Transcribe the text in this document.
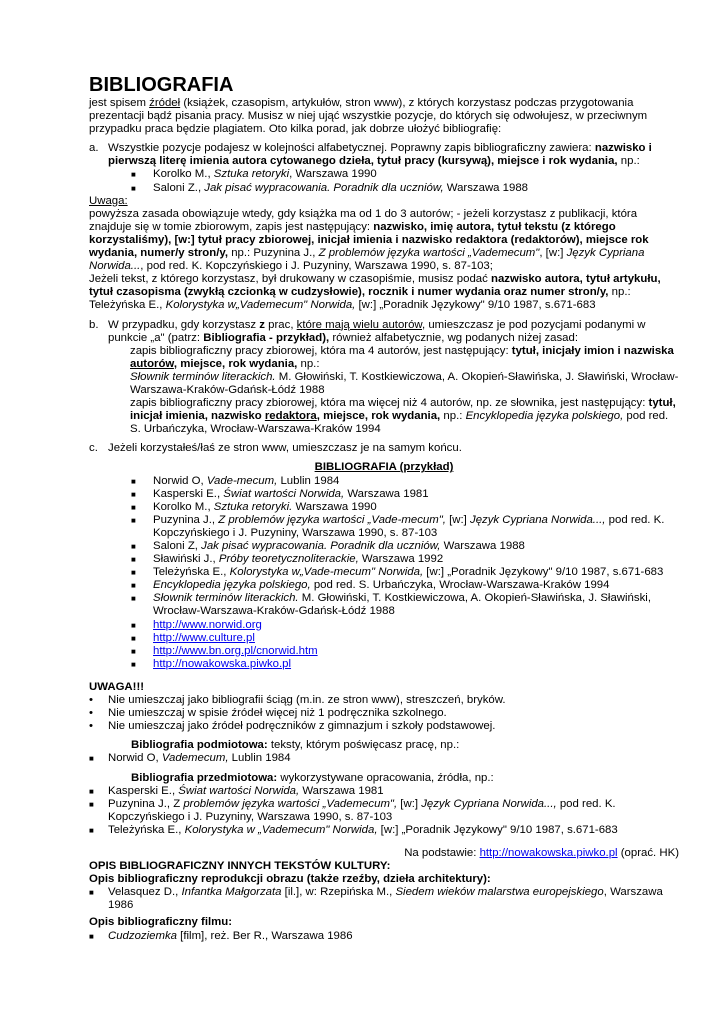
BIBLIOGRAFIA

jest spisem źródeł (książek, czasopism, artykułów, stron www), z których korzystasz podczas przygotowania prezentacji bądź pisania pracy. Musisz w niej ująć wszystkie pozycje, do których się odwołujesz, w przeciwnym przypadku praca będzie plagiatem. Oto kilka porad, jak dobrze ułożyć bibliografię:

a. Wszystkie pozycje podajesz w kolejności alfabetycznej. Poprawny zapis bibliograficzny zawiera: nazwisko i pierwszą literę imienia autora cytowanego dzieła, tytuł pracy (kursywą), miejsce i rok wydania, np.:

■ Korolko M., Sztuka retoryki, Warszawa 1990
■ Saloni Z., Jak pisać wypracowania. Poradnik dla uczniów, Warszawa 1988

Uwaga:

powyższa zasada obowiązuje wtedy, gdy książka ma od 1 do 3 autorów; - jeżeli korzystasz z publikacji, która znajduje się w tomie zbiorowym, zapis jest następujący: nazwisko, imię autora, tytuł tekstu (z którego korzystaliśmy), [w:] tytuł pracy zbiorowej, inicjał imienia i nazwisko redaktora (redaktorów), miejsce rok wydania, numer/y stron/y, np.: Puzynina J., Z problemów języka wartości „Vademecum", [w:] Język Cypriana Norwida..., pod red. K. Kopczyńskiego i J. Puzyniny, Warszawa 1990, s. 87-103;

Jeżeli tekst, z którego korzystasz, był drukowany w czasopiśmie, musisz podać nazwisko autora, tytuł artykułu, tytuł czasopisma (zwykłą czcionką w cudzysłowie), rocznik i numer wydania oraz numer stron/y, np.:

Teleżyńska E., Kolorystyka w„Vademecum" Norwida, [w:] „Poradnik Językowy" 9/10 1987, s.671-683

b. W przypadku, gdy korzystasz z prac, które mają wielu autorów, umieszczasz je pod pozycjami podanymi w punkcie „a" (patrz: Bibliografia - przykład), również alfabetycznie, wg podanych niżej zasad:

zapis bibliograficzny pracy zbiorowej, która ma 4 autorów, jest następujący: tytuł, inicjały imion i nazwiska autorów, miejsce, rok wydania, np.:

Słownik terminów literackich. M. Głowiński, T. Kostkiewiczowa, A. Okopień-Sławińska, J. Sławiński, Wrocław-Warszawa-Kraków-Gdańsk-Łódź 1988

zapis bibliograficzny pracy zbiorowej, która ma więcej niż 4 autorów, np. ze słownika, jest następujący: tytuł, inicjał imienia, nazwisko redaktora, miejsce, rok wydania, np.: Encyklopedia języka polskiego, pod red. S. Urbańczyka, Wrocław-Warszawa-Kraków 1994

c. Jeżeli korzystałeś/łaś ze stron www, umieszczasz je na samym końcu.

BIBLIOGRAFIA (przykład)

■ Norwid O, Vade-mecum, Lublin 1984
■ Kasperski E., Świat wartości Norwida, Warszawa 1981
■ Korolko M., Sztuka retoryki. Warszawa 1990
■ Puzynina J., Z problemów języka wartości „Vade-mecum", [w:] Język Cypriana Norwida..., pod red. K. Kopczyńskiego i J. Puzyniny, Warszawa 1990, s. 87-103
■ Saloni Z, Jak pisać wypracowania. Poradnik dla uczniów, Warszawa 1988
■ Sławiński J., Próby teoretycznoliterackie, Warszawa 1992
■ Teleżyńska E., Kolorystyka w„Vade-mecum" Norwida, [w:] „Poradnik Językowy" 9/10 1987, s.671-683
■ Encyklopedia języka polskiego, pod red. S. Urbańczyka, Wrocław-Warszawa-Kraków 1994
■ Słownik terminów literackich. M. Głowiński, T. Kostkiewiczowa, A. Okopień-Sławińska, J. Sławiński, Wrocław-Warszawa-Kraków-Gdańsk-Łódź 1988
■ http://www.norwid.org
■ http://www.culture.pl
■ http://www.bn.org.pl/cnorwid.htm
■ http://nowakowska.piwko.pl

UWAGA!!!

• Nie umieszczaj jako bibliografii ściąg (m.in. ze stron www), streszczeń, bryków.
• Nie umieszczaj w spisie źródeł więcej niż 1 podręcznika szkolnego.
• Nie umieszczaj jako źródeł podręczników z gimnazjum i szkoły podstawowej.

Bibliografia podmiotowa: teksty, którym poświęcasz pracę, np.:

■ Norwid O, Vademecum, Lublin 1984

Bibliografia przedmiotowa: wykorzystywane opracowania, źródła, np.:

■ Kasperski E., Świat wartości Norwida, Warszawa 1981
■ Puzynina J., Z problemów języka wartości „Vademecum", [w:] Język Cypriana Norwida..., pod red. K. Kopczyńskiego i J. Puzyniny, Warszawa 1990, s. 87-103
■ Teleżyńska E., Kolorystyka w „Vademecum" Norwida, [w:] „Poradnik Językowy" 9/10 1987, s.671-683

Na podstawie: http://nowakowska.piwko.pl (oprać. HK)

OPIS BIBLIOGRAFICZNY INNYCH TEKSTÓW KULTURY:

Opis bibliograficzny reprodukcji obrazu (także rzeźby, dzieła architektury):

■ Velasquez D., Infantka Małgorzata [il.], w: Rzepińska M., Siedem wieków malarstwa europejskiego, Warszawa 1986

Opis bibliograficzny filmu:

■ Cudzoziemka [film], reż. Ber R., Warszawa 1986
